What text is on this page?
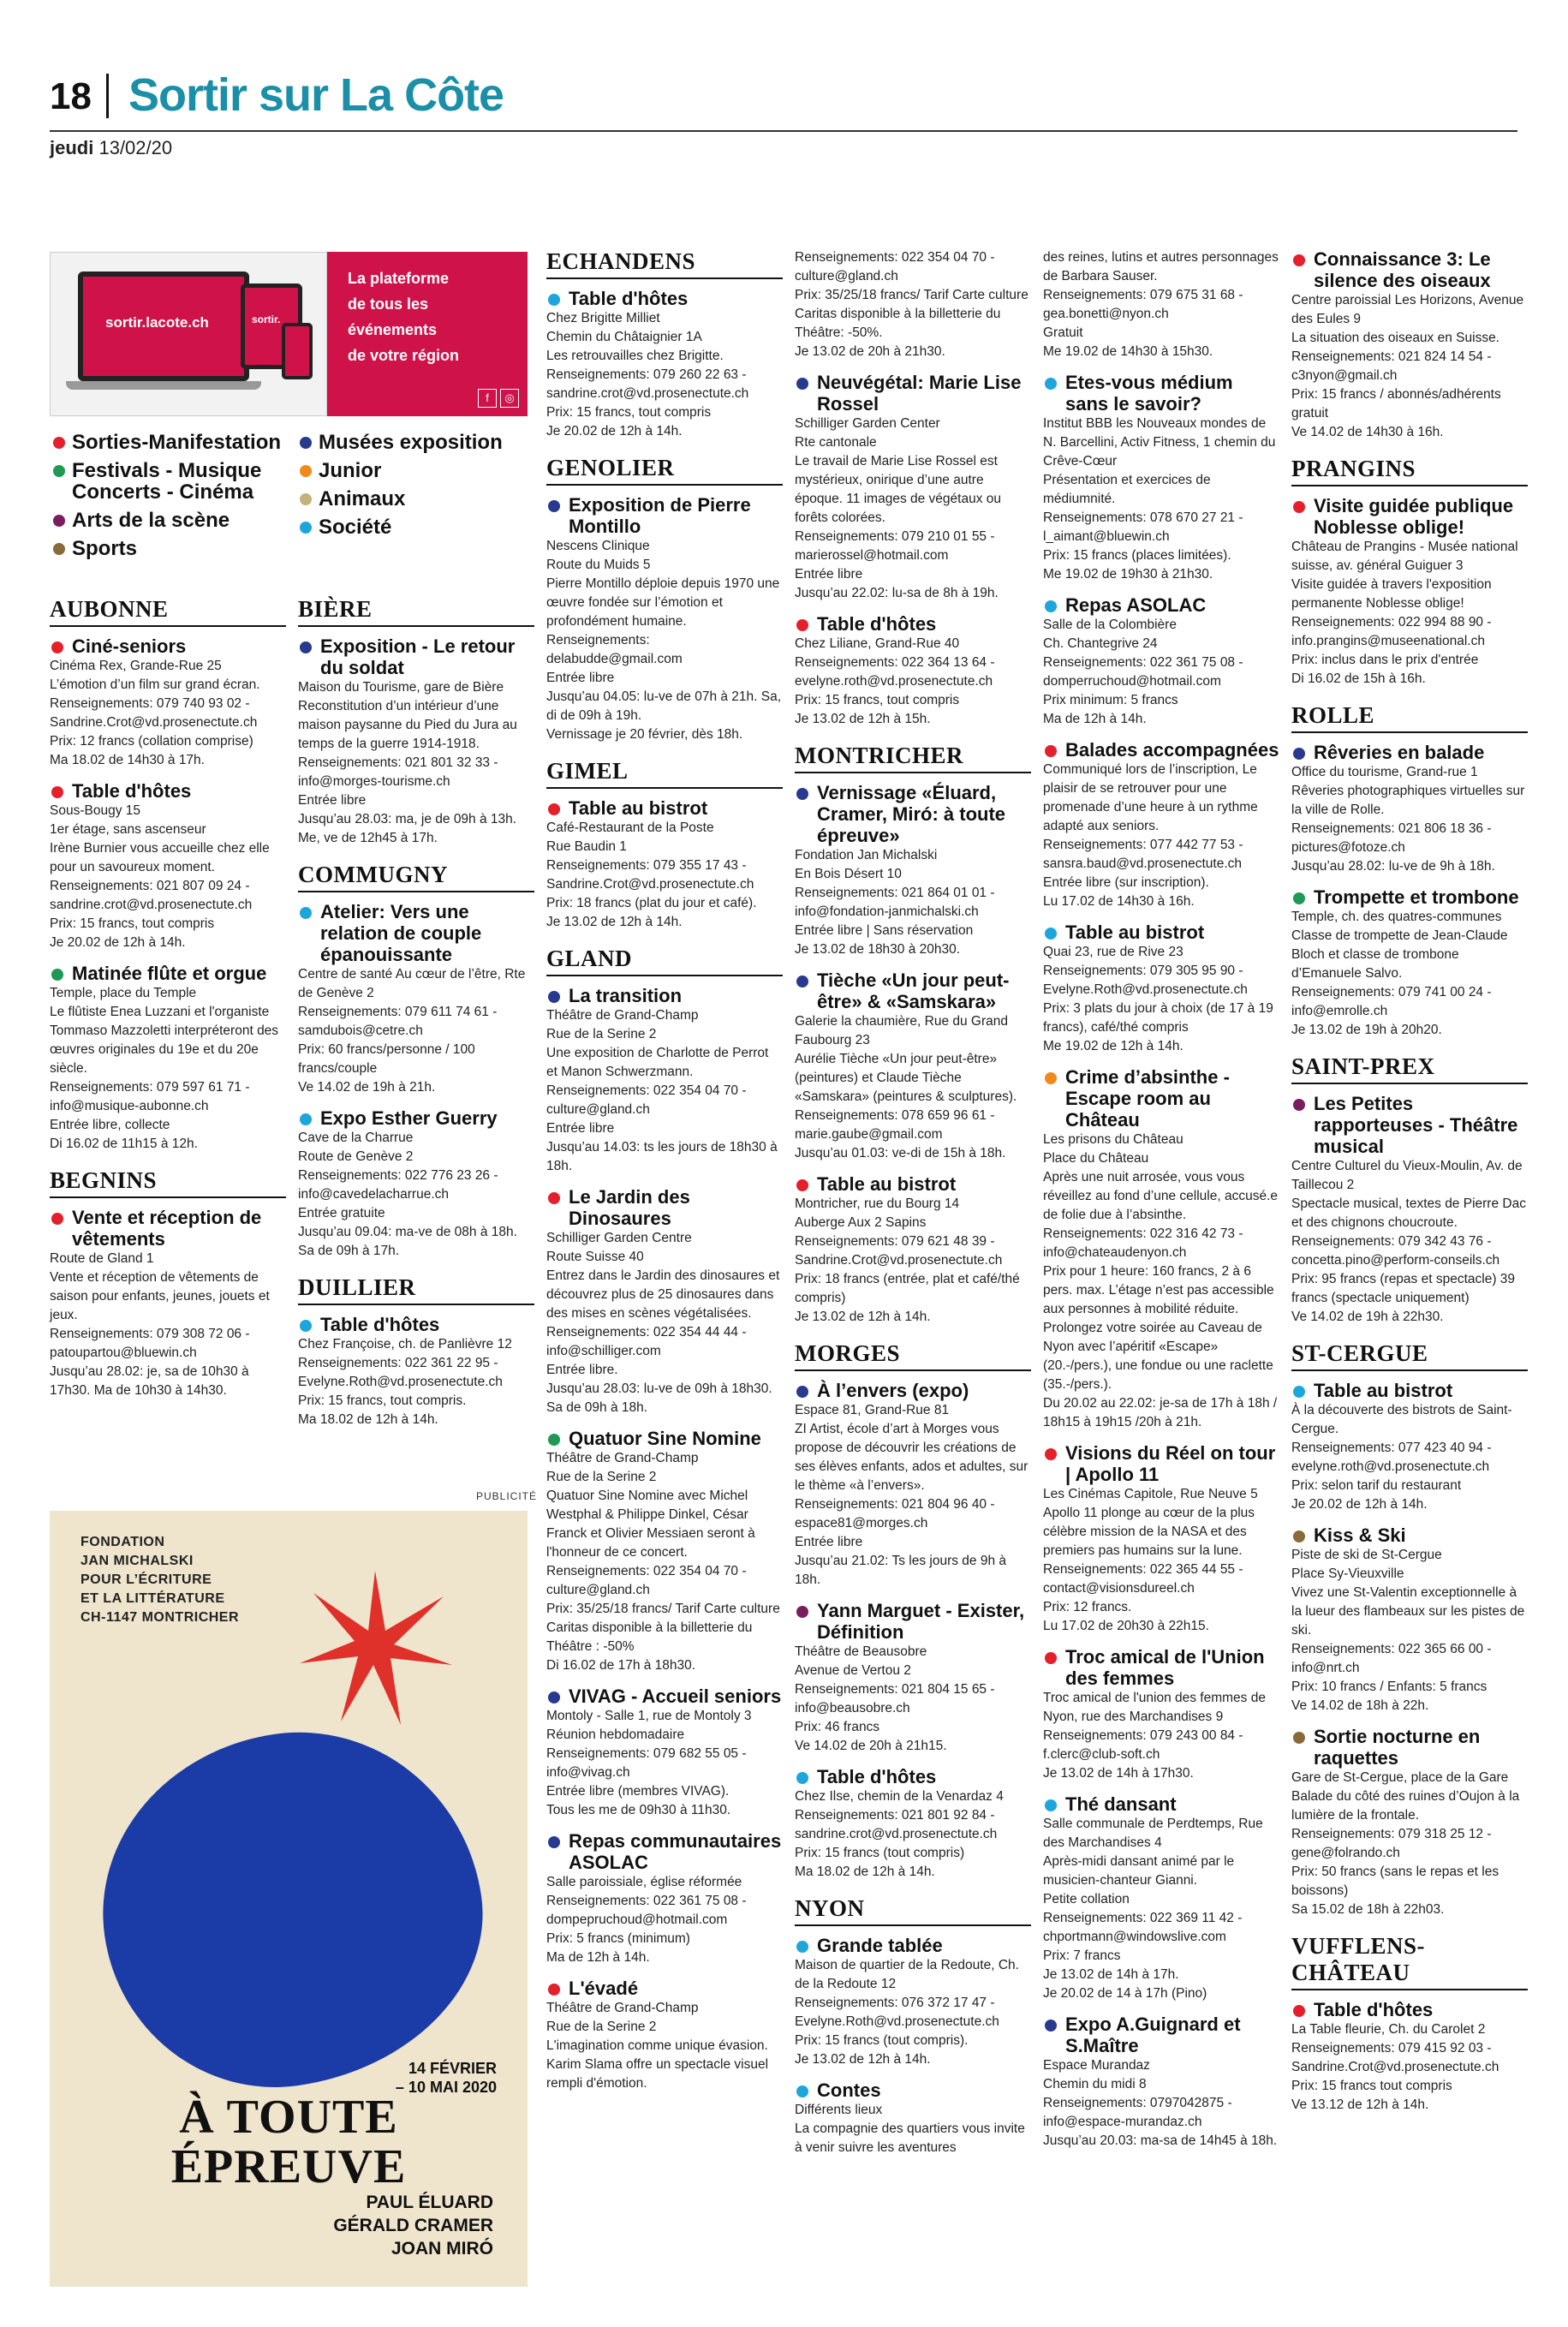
18 Sortir sur La Côte
jeudi 13/02/20
sortir.lacote.ch	sortir.
La plateforme
de tous les
événements
de votre région
f ◎
Sorties-Manifestation
Festivals - Musique
Concerts - Cinéma
Arts de la scène
Sports
Musées exposition
Junior
Animaux
Société
AUBONNE
Ciné-seniors
Cinéma Rex, Grande-Rue 25
L’émotion d’un film sur grand écran.
Renseignements: 079 740 93 02 - Sandrine.Crot@vd.prosenectute.ch
Prix: 12 francs (collation comprise)
Ma 18.02 de 14h30 à 17h.
Table d'hôtes
Sous-Bougy 15
1er étage, sans ascenseur
Irène Burnier vous accueille chez elle pour un savoureux moment.
Renseignements: 021 807 09 24 - sandrine.crot@vd.prosenectute.ch
Prix: 15 francs, tout compris
Je 20.02 de 12h à 14h.
Matinée flûte et orgue
Temple, place du Temple
Le flûtiste Enea Luzzani et l'organiste Tommaso Mazzoletti interpréteront des œuvres originales du 19e et du 20e siècle.
Renseignements: 079 597 61 71 - info@musique-aubonne.ch
Entrée libre, collecte
Di 16.02 de 11h15 à 12h.
BEGNINS
Vente et réception de vêtements
Route de Gland 1
Vente et réception de vêtements de saison pour enfants, jeunes, jouets et jeux.
Renseignements: 079 308 72 06 - patoupartou@bluewin.ch
Jusqu’au 28.02: je, sa de 10h30 à 17h30. Ma de 10h30 à 14h30.
BIÈRE
Exposition - Le retour du soldat
Maison du Tourisme, gare de Bière
Reconstitution d’un intérieur d’une maison paysanne du Pied du Jura au temps de la guerre 1914-1918.
Renseignements: 021 801 32 33 - info@morges-tourisme.ch
Entrée libre
Jusqu’au 28.03: ma, je de 09h à 13h. Me, ve de 12h45 à 17h.
COMMUGNY
Atelier: Vers une relation de couple épanouissante
Centre de santé Au cœur de l’être, Rte de Genève 2
Renseignements: 079 611 74 61 - samdubois@cetre.ch
Prix: 60 francs/personne / 100 francs/couple
Ve 14.02 de 19h à 21h.
Expo Esther Guerry
Cave de la Charrue
Route de Genève 2
Renseignements: 022 776 23 26 - info@cavedelacharrue.ch
Entrée gratuite
Jusqu’au 09.04: ma-ve de 08h à 18h. Sa de 09h à 17h.
DUILLIER
Table d'hôtes
Chez Françoise, ch. de Panlièvre 12
Renseignements: 022 361 22 95 - Evelyne.Roth@vd.prosenectute.ch
Prix: 15 francs, tout compris.
Ma 18.02 de 12h à 14h.
ECHANDENS
Table d'hôtes
Chez Brigitte Milliet
Chemin du Châtaignier 1A
Les retrouvailles chez Brigitte.
Renseignements: 079 260 22 63 - sandrine.crot@vd.prosenectute.ch
Prix: 15 francs, tout compris
Je 20.02 de 12h à 14h.
GENOLIER
Exposition de Pierre Montillo
Nescens Clinique
Route du Muids 5
Pierre Montillo déploie depuis 1970 une œuvre fondée sur l’émotion et profondément humaine.
Renseignements: delabudde@gmail.com
Entrée libre
Jusqu’au 04.05: lu-ve de 07h à 21h. Sa, di de 09h à 19h.
Vernissage je 20 février, dès 18h.
GIMEL
Table au bistrot
Café-Restaurant de la Poste
Rue Baudin 1
Renseignements: 079 355 17 43 - Sandrine.Crot@vd.prosenectute.ch
Prix: 18 francs (plat du jour et café).
Je 13.02 de 12h à 14h.
GLAND
La transition
Théâtre de Grand-Champ
Rue de la Serine 2
Une exposition de Charlotte de Perrot et Manon Schwerzmann.
Renseignements: 022 354 04 70 - culture@gland.ch
Entrée libre
Jusqu’au 14.03: ts les jours de 18h30 à 18h.
Le Jardin des Dinosaures
Schilliger Garden Centre
Route Suisse 40
Entrez dans le Jardin des dinosaures et découvrez plus de 25 dinosaures dans des mises en scènes végétalisées.
Renseignements: 022 354 44 44 - info@schilliger.com
Entrée libre.
Jusqu’au 28.03: lu-ve de 09h à 18h30. Sa de 09h à 18h.
Quatuor Sine Nomine
Théâtre de Grand-Champ
Rue de la Serine 2
Quatuor Sine Nomine avec Michel Westphal & Philippe Dinkel, César Franck et Olivier Messiaen seront à l'honneur de ce concert.
Renseignements: 022 354 04 70 - culture@gland.ch
Prix: 35/25/18 francs/ Tarif Carte culture Caritas disponible à la billetterie du Théâtre : -50%
Di 16.02 de 17h à 18h30.
VIVAG - Accueil seniors
Montoly - Salle 1, rue de Montoly 3
Réunion hebdomadaire
Renseignements: 079 682 55 05 - info@vivag.ch
Entrée libre (membres VIVAG).
Tous les me de 09h30 à 11h30.
Repas communautaires ASOLAC
Salle paroissiale, église réformée
Renseignements: 022 361 75 08 - dompерruchoud@hotmail.com
Prix: 5 francs (minimum)
Ma de 12h à 14h.
L'évadé
Théâtre de Grand-Champ
Rue de la Serine 2
L'imagination comme unique évasion. Karim Slama offre un spectacle visuel rempli d'émotion.
Renseignements: 022 354 04 70 - culture@gland.ch
Prix: 35/25/18 francs/ Tarif Carte culture Caritas disponible à la billetterie du Théâtre: -50%.
Je 13.02 de 20h à 21h30.
Neuvégétal: Marie Lise Rossel
Schilliger Garden Center
Rte cantonale
Le travail de Marie Lise Rossel est mystérieux, onirique d’une autre époque. 11 images de végétaux ou forêts colorées.
Renseignements: 079 210 01 55 - marierossel@hotmail.com
Entrée libre
Jusqu’au 22.02: lu-sa de 8h à 19h.
Table d'hôtes
Chez Liliane, Grand-Rue 40
Renseignements: 022 364 13 64 - evelyne.roth@vd.prosenectute.ch
Prix: 15 francs, tout compris
Je 13.02 de 12h à 15h.
MONTRICHER
Vernissage «Éluard, Cramer, Miró: à toute épreuve»
Fondation Jan Michalski
En Bois Désert 10
Renseignements: 021 864 01 01 - info@fondation-janmichalski.ch
Entrée libre | Sans réservation
Je 13.02 de 18h30 à 20h30.
Tièche «Un jour peut-être» & «Samskara»
Galerie la chaumière, Rue du Grand Faubourg 23
Aurélie Tièche «Un jour peut-être» (peintures) et Claude Tièche «Samskara» (peintures & sculptures).
Renseignements: 078 659 96 61 - marie.gaube@gmail.com
Jusqu’au 01.03: ve-di de 15h à 18h.
Table au bistrot
Montricher, rue du Bourg 14
Auberge Aux 2 Sapins
Renseignements: 079 621 48 39 - Sandrine.Crot@vd.prosenectute.ch
Prix: 18 francs (entrée, plat et café/thé compris)
Je 13.02 de 12h à 14h.
MORGES
À l’envers (expo)
Espace 81, Grand-Rue 81
ZI Artist, école d’art à Morges vous propose de découvrir les créations de ses élèves enfants, ados et adultes, sur le thème «à l’envers».
Renseignements: 021 804 96 40 - espace81@morges.ch
Entrée libre
Jusqu’au 21.02: Ts les jours de 9h à 18h.
Yann Marguet - Exister, Définition
Théâtre de Beausobre
Avenue de Vertou 2
Renseignements: 021 804 15 65 - info@beausobre.ch
Prix: 46 francs
Ve 14.02 de 20h à 21h15.
Table d'hôtes
Chez Ilse, chemin de la Venardaz 4
Renseignements: 021 801 92 84 - sandrine.crot@vd.prosenectute.ch
Prix: 15 francs (tout compris)
Ma 18.02 de 12h à 14h.
NYON
Grande tablée
Maison de quartier de la Redoute, Ch. de la Redoute 12
Renseignements: 076 372 17 47 - Evelyne.Roth@vd.prosenectute.ch
Prix: 15 francs (tout compris).
Je 13.02 de 12h à 14h.
Contes
Différents lieux
La compagnie des quartiers vous invite à venir suivre les aventures
des reines, lutins et autres personnages de Barbara Sauser.
Renseignements: 079 675 31 68 - gea.bonetti@nyon.ch
Gratuit
Me 19.02 de 14h30 à 15h30.
Etes-vous médium sans le savoir?
Institut BBB les Nouveaux mondes de N. Barcellini, Activ Fitness, 1 chemin du Crêve-Cœur
Présentation et exercices de médiumnité.
Renseignements: 078 670 27 21 - l_aimant@bluewin.ch
Prix: 15 francs (places limitées).
Me 19.02 de 19h30 à 21h30.
Repas ASOLAC
Salle de la Colombière
Ch. Chantegrive 24
Renseignements: 022 361 75 08 - dompеrruchoud@hotmail.com
Prix minimum: 5 francs
Ma de 12h à 14h.
Balades accompagnées
Communiqué lors de l’inscription, Le plaisir de se retrouver pour une promenade d’une heure à un rythme adapté aux seniors.
Renseignements: 077 442 77 53 - sansra.baud@vd.prosenectute.ch
Entrée libre (sur inscription).
Lu 17.02 de 14h30 à 16h.
Table au bistrot
Quai 23, rue de Rive 23
Renseignements: 079 305 95 90 - Evelyne.Roth@vd.prosenectute.ch
Prix: 3 plats du jour à choix (de 17 à 19 francs), café/thé compris
Me 19.02 de 12h à 14h.
Crime d’absinthe - Escape room au Château
Les prisons du Château
Place du Château
Après une nuit arrosée, vous vous réveillez au fond d’une cellule, accusé.e de folie due à l’absinthe.
Renseignements: 022 316 42 73 - info@chateaudenyon.ch
Prix pour 1 heure: 160 francs, 2 à 6 pers. max. L’étage n’est pas accessible aux personnes à mobilité réduite. Prolongez votre soirée au Caveau de Nyon avec l’apéritif «Escape» (20.-/pers.), une fondue ou une raclette (35.-/pers.).
Du 20.02 au 22.02: je-sa de 17h à 18h / 18h15 à 19h15 /20h à 21h.
Visions du Réel on tour | Apollo 11
Les Cinémas Capitole, Rue Neuve 5
Apollo 11 plonge au cœur de la plus célèbre mission de la NASA et des premiers pas humains sur la lune.
Renseignements: 022 365 44 55 - contact@visionsdureel.ch
Prix: 12 francs.
Lu 17.02 de 20h30 à 22h15.
Troc amical de l'Union des femmes
Troc amical de l'union des femmes de Nyon, rue des Marchandises 9
Renseignements: 079 243 00 84 - f.clerc@club-soft.ch
Je 13.02 de 14h à 17h30.
Thé dansant
Salle communale de Perdtemps, Rue des Marchandises 4
Après-midi dansant animé par le musicien-chanteur Gianni.
Petite collation
Renseignements: 022 369 11 42 - chportmann@windowslive.com
Prix: 7 francs
Je 13.02 de 14h à 17h.
Je 20.02 de 14 à 17h (Pino)
Expo A.Guignard et S.Maître
Espace Murandaz
Chemin du midi 8
Renseignements: 0797042875 - info@espace-murandaz.ch
Jusqu’au 20.03: ma-sa de 14h45 à 18h.
Connaissance 3: Le silence des oiseaux
Centre paroissial Les Horizons, Avenue des Eules 9
La situation des oiseaux en Suisse.
Renseignements: 021 824 14 54 - c3nyon@gmail.ch
Prix: 15 francs / abonnés/adhérents gratuit
Ve 14.02 de 14h30 à 16h.
PRANGINS
Visite guidée publique Noblesse oblige!
Château de Prangins - Musée national suisse, av. général Guiguer 3
Visite guidée à travers l'exposition permanente Noblesse oblige!
Renseignements: 022 994 88 90 - info.prangins@museenational.ch
Prix: inclus dans le prix d'entrée
Di 16.02 de 15h à 16h.
ROLLE
Rêveries en balade
Office du tourisme, Grand-rue 1
Rêveries photographiques virtuelles sur la ville de Rolle.
Renseignements: 021 806 18 36 - pictures@fotoze.ch
Jusqu’au 28.02: lu-ve de 9h à 18h.
Trompette et trombone
Temple, ch. des quatres-communes
Classe de trompette de Jean-Claude Bloch et classe de trombone d’Emanuele Salvo.
Renseignements: 079 741 00 24 - info@emrolle.ch
Je 13.02 de 19h à 20h20.
SAINT-PREX
Les Petites rapporteuses - Théâtre musical
Centre Culturel du Vieux-Moulin, Av. de Taillecou 2
Spectacle musical, textes de Pierre Dac et des chignons choucroute.
Renseignements: 079 342 43 76 - concetta.pino@perform-conseils.ch
Prix: 95 francs (repas et spectacle) 39 francs (spectacle uniquement)
Ve 14.02 de 19h à 22h30.
ST-CERGUE
Table au bistrot
À la découverte des bistrots de Saint-Cergue.
Renseignements: 077 423 40 94 - evelyne.roth@vd.prosenectute.ch
Prix: selon tarif du restaurant
Je 20.02 de 12h à 14h.
Kiss & Ski
Piste de ski de St-Cergue
Place Sy-Vieuxville
Vivez une St-Valentin exceptionnelle à la lueur des flambeaux sur les pistes de ski.
Renseignements: 022 365 66 00 - info@nrt.ch
Prix: 10 francs / Enfants: 5 francs
Ve 14.02 de 18h à 22h.
Sortie nocturne en raquettes
Gare de St-Cergue, place de la Gare
Balade du côté des ruines d’Oujon à la lumière de la frontale.
Renseignements: 079 318 25 12 - gene@folrando.ch
Prix: 50 francs (sans le repas et les boissons)
Sa 15.02 de 18h à 22h03.
VUFFLENS-CHÂTEAU
Table d'hôtes
La Table fleurie, Ch. du Carolet 2
Renseignements: 079 415 92 03 - Sandrine.Crot@vd.prosenectute.ch
Prix: 15 francs tout compris
Ve 13.12 de 12h à 14h.
PUBLICITÉ
FONDATION
JAN MICHALSKI
POUR L’ÉCRITURE
ET LA LITTÉRATURE
CH-1147 MONTRICHER
14 FÉVRIER
– 10 MAI 2020
À TOUTE
ÉPREUVE
PAUL ÉLUARD
GÉRALD CRAMER
JOAN MIRÓ
